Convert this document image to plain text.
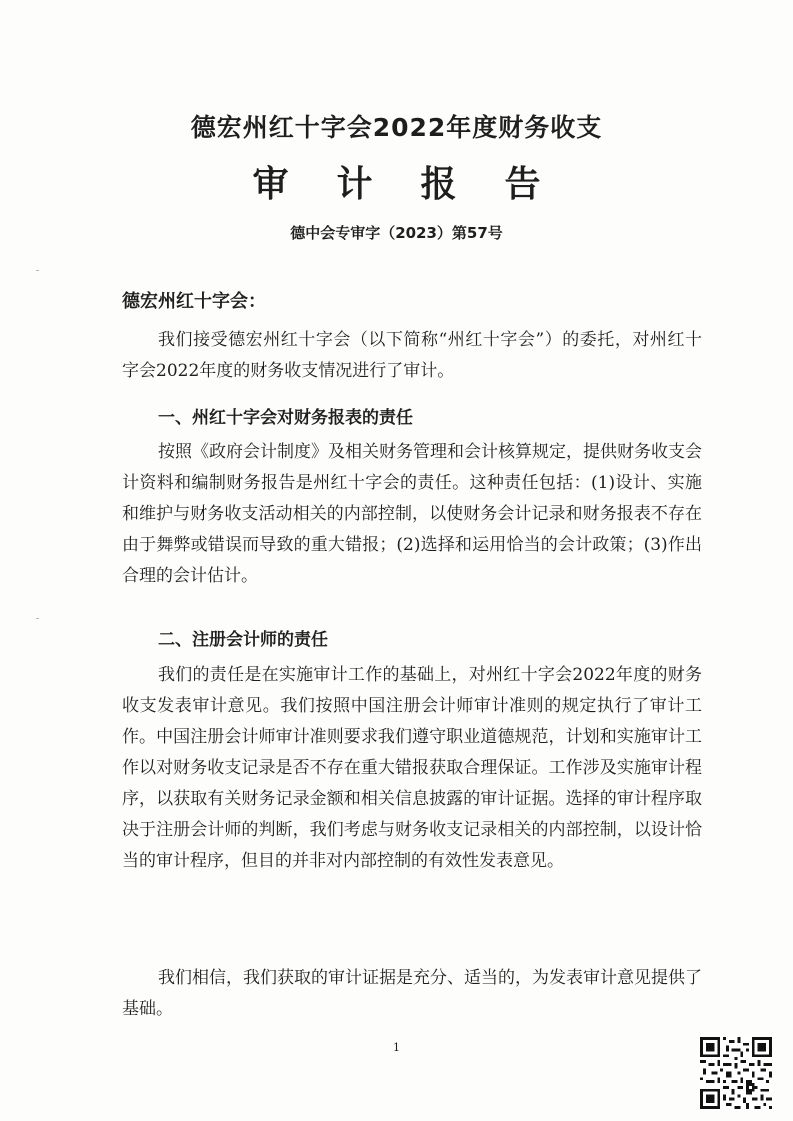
德宏州红十字会2022年度财务收支
审计报告
德中会专审字（2023）第57号
德宏州红十字会：

我们接受德宏州红十字会（以下简称“州红十字会”）的委托，对州红十字会2022年度的财务收支情况进行了审计。

一、州红十字会对财务报表的责任

按照《政府会计制度》及相关财务管理和会计核算规定，提供财务收支会计资料和编制财务报告是州红十字会的责任。这种责任包括：(1)设计、实施和维护与财务收支活动相关的内部控制，以使财务会计记录和财务报表不存在由于舞弊或错误而导致的重大错报；(2)选择和运用恰当的会计政策；(3)作出合理的会计估计。

二、注册会计师的责任

我们的责任是在实施审计工作的基础上，对州红十字会2022年度的财务收支发表审计意见。我们按照中国注册会计师审计准则的规定执行了审计工作。中国注册会计师审计准则要求我们遵守职业道德规范，计划和实施审计工作以对财务收支记录是否不存在重大错报获取合理保证。工作涉及实施审计程序，以获取有关财务记录金额和相关信息披露的审计证据。选择的审计程序取决于注册会计师的判断，我们考虑与财务收支记录相关的内部控制，以设计恰当的审计程序，但目的并非对内部控制的有效性发表意见。

我们相信，我们获取的审计证据是充分、适当的，为发表审计意见提供了基础。

1
